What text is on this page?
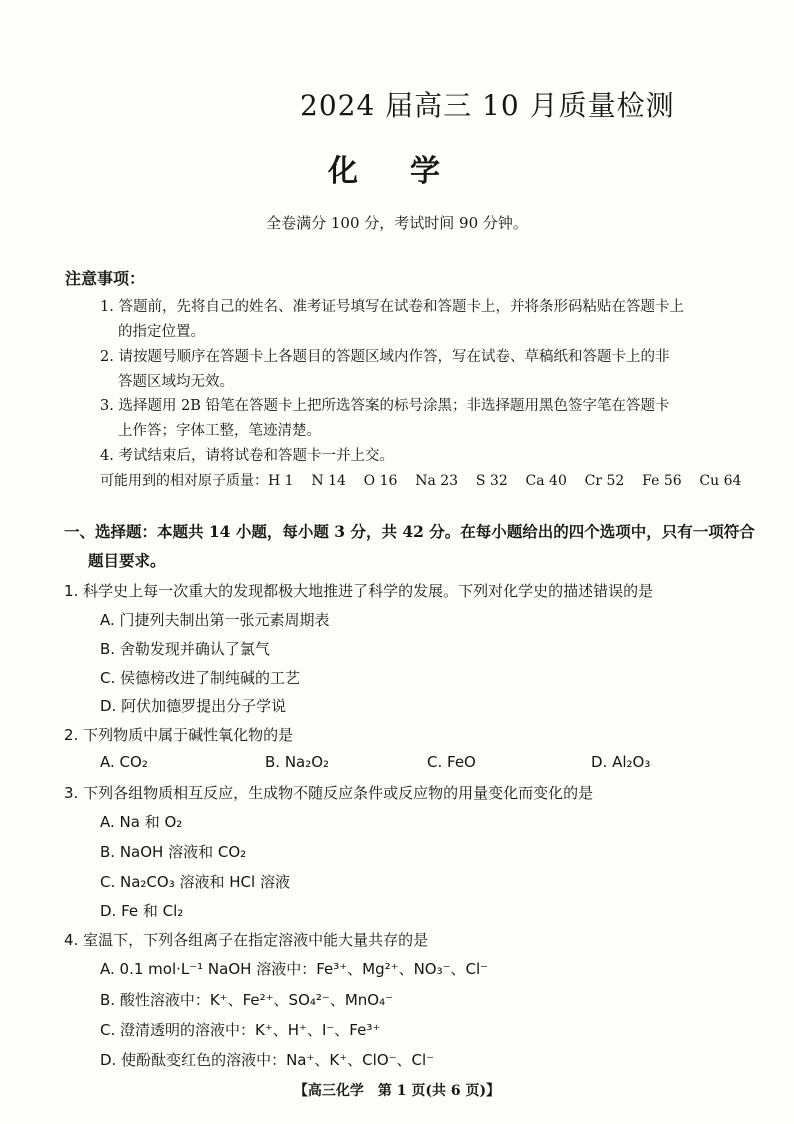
2024 届高三 10 月质量检测
化学
全卷满分 100 分，考试时间 90 分钟。
注意事项：
1. 答题前，先将自己的姓名、准考证号填写在试卷和答题卡上，并将条形码粘贴在答题卡上
的指定位置。
2. 请按题号顺序在答题卡上各题目的答题区域内作答，写在试卷、草稿纸和答题卡上的非
答题区域均无效。
3. 选择题用 2B 铅笔在答题卡上把所选答案的标号涂黑；非选择题用黑色签字笔在答题卡
上作答；字体工整，笔迹清楚。
4. 考试结束后，请将试卷和答题卡一并上交。
可能用到的相对原子质量：H 1    N 14    O 16    Na 23    S 32    Ca 40    Cr 52    Fe 56    Cu 64
一、选择题：本题共 14 小题，每小题 3 分，共 42 分。在每小题给出的四个选项中，只有一项符合
题目要求。
1. 科学史上每一次重大的发现都极大地推进了科学的发展。下列对化学史的描述错误的是
A. 门捷列夫制出第一张元素周期表
B. 舍勒发现并确认了氯气
C. 侯德榜改进了制纯碱的工艺
D. 阿伏加德罗提出分子学说
2. 下列物质中属于碱性氧化物的是
A. CO₂	B. Na₂O₂	C. FeO	D. Al₂O₃
3. 下列各组物质相互反应，生成物不随反应条件或反应物的用量变化而变化的是
A. Na 和 O₂
B. NaOH 溶液和 CO₂
C. Na₂CO₃ 溶液和 HCl 溶液
D. Fe 和 Cl₂
4. 室温下，下列各组离子在指定溶液中能大量共存的是
A. 0.1 mol·L⁻¹ NaOH 溶液中：Fe³⁺、Mg²⁺、NO₃⁻、Cl⁻
B. 酸性溶液中：K⁺、Fe²⁺、SO₄²⁻、MnO₄⁻
C. 澄清透明的溶液中：K⁺、H⁺、I⁻、Fe³⁺
D. 使酚酞变红色的溶液中：Na⁺、K⁺、ClO⁻、Cl⁻
【高三化学　第 1 页(共 6 页)】
